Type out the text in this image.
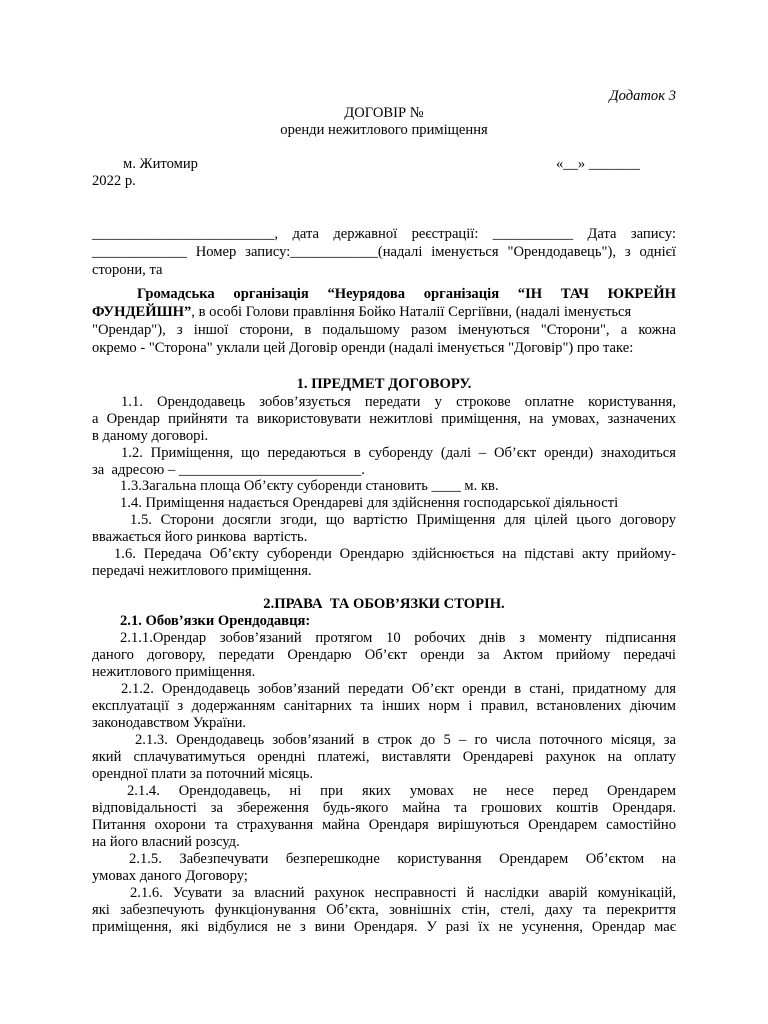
Додаток 3
ДОГОВІР №
оренди нежитлового приміщення
м. Житомир	«__» _______
2022 р.
_________________________, дата державної реєстрації: ___________ Дата запису:
_____________ Номер запису:____________(надалі іменується "Орендодавець"), з однієї
сторони, та
Громадська організація “Неурядова організація “ІН ТАЧ ЮКРЕЙН
ФУНДЕЙШН”, в особі Голови правління Бойко Наталії Сергіївни, (надалі іменується
"Орендар"), з іншої сторони, в подальшому разом іменуються "Сторони", а кожна
окремо - "Сторона" уклали цей Договір оренди (надалі іменується "Договір") про таке:
1. ПРЕДМЕТ ДОГОВОРУ.
1.1. Орендодавець зобов’язується передати у строкове оплатне користування,
а Орендар прийняти та використовувати нежитлові приміщення, на умовах, зазначених
в даному договорі.
1.2. Приміщення, що передаються в суборенду (далі – Об’єкт оренди) знаходиться
за  адресою – _________________________.
1.3.Загальна площа Об’єкту суборенди становить ____ м. кв.
1.4. Приміщення надається Орендареві для здійснення господарської діяльності
1.5. Сторони досягли згоди, що вартістю Приміщення для цілей цього договору
вважається його ринкова  вартість.
1.6. Передача Об’єкту суборенди Орендарю здійснюється на підставі акту прийому-
передачі нежитлового приміщення.
2.ПРАВА  ТА ОБОВ’ЯЗКИ СТОРІН.
2.1. Обов’язки Орендодавця:
2.1.1.Орендар зобов’язаний протягом 10 робочих днів з моменту підписання
даного договору, передати Орендарю Об’єкт оренди за Актом прийому передачі
нежитлового приміщення.
2.1.2. Орендодавець зобов’язаний передати Об’єкт оренди в стані, придатному для
експлуатації з додержанням санітарних та інших норм і правил, встановлених діючим
законодавством України.
2.1.3. Орендодавець зобов’язаний в строк до 5 – го числа поточного місяця, за
який сплачуватимуться орендні платежі, виставляти Орендареві рахунок на оплату
орендної плати за поточний місяць.
2.1.4. Орендодавець, ні при яких умовах не несе перед Орендарем
відповідальності за збереження будь-якого майна та грошових коштів Орендаря.
Питання охорони та страхування майна Орендаря вирішуються Орендарем самостійно
на його власний розсуд.
2.1.5. Забезпечувати безперешкодне користування Орендарем Об’єктом на
умовах даного Договору;
2.1.6. Усувати за власний рахунок несправності й наслідки аварій комунікацій,
які забезпечують функціонування Об’єкта, зовнішніх стін, стелі, даху та перекриття
приміщення, які відбулися не з вини Орендаря. У разі їх не усунення, Орендар має
